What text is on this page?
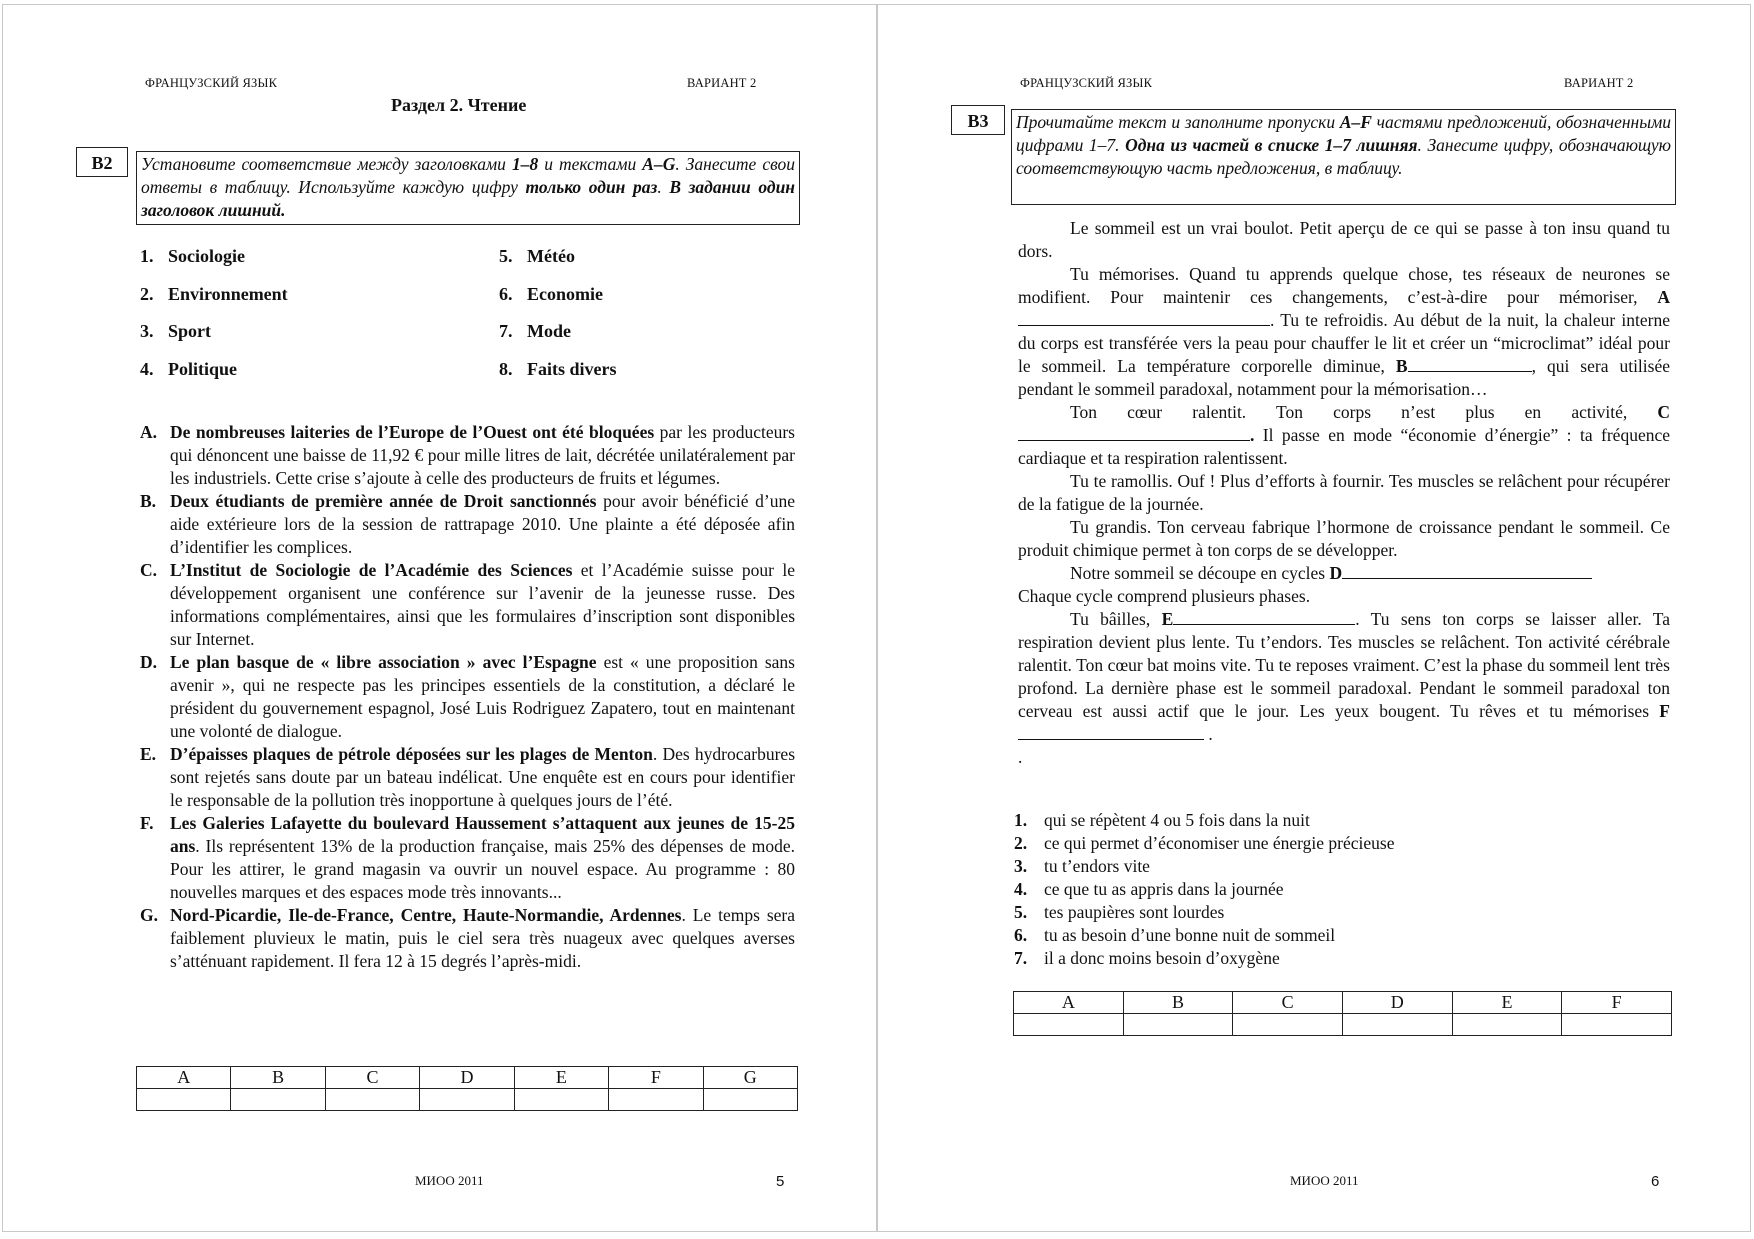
ФРАНЦУЗСКИЙ ЯЗЫК	ВАРИАНТ 2
Раздел 2. Чтение
B2	Установите соответствие между заголовками 1–8 и текстами A–G. Занесите свои ответы в таблицу. Используйте каждую цифру только один раз. В задании один заголовок лишний.
1. Sociologie
2. Environnement
3. Sport
4. Politique
5. Météo
6. Economie
7. Mode
8. Faits divers

A. De nombreuses laiteries de l’Europe de l’Ouest ont été bloquées par les producteurs qui dénoncent une baisse de 11,92 € pour mille litres de lait, décrétée unilatéralement par les industriels. Cette crise s’ajoute à celle des producteurs de fruits et légumes.

B. Deux étudiants de première année de Droit sanctionnés pour avoir bénéficié d’une aide extérieure lors de la session de rattrapage 2010. Une plainte a été déposée afin d’identifier les complices.

C. L’Institut de Sociologie de l’Académie des Sciences et l’Académie suisse pour le développement organisent une conférence sur l’avenir de la jeunesse russe. Des informations complémentaires, ainsi que les formulaires d’inscription sont disponibles sur Internet.

D. Le plan basque de « libre association » avec l’Espagne est « une proposition sans avenir », qui ne respecte pas les principes essentiels de la constitution, a déclaré le président du gouvernement espagnol, José Luis Rodriguez Zapatero, tout en maintenant une volonté de dialogue.

E. D’épaisses plaques de pétrole déposées sur les plages de Menton. Des hydrocarbures sont rejetés sans doute par un bateau indélicat. Une enquête est en cours pour identifier le responsable de la pollution très inopportune à quelques jours de l’été.

F. Les Galeries Lafayette du boulevard Haussement s’attaquent aux jeunes de 15-25 ans. Ils représentent 13% de la production française, mais 25% des dépenses de mode. Pour les attirer, le grand magasin va ouvrir un nouvel espace. Au programme : 80 nouvelles marques et des espaces mode très innovants...

G. Nord-Picardie, Ile-de-France, Centre, Haute-Normandie, Ardennes. Le temps sera faiblement pluvieux le matin, puis le ciel sera très nuageux avec quelques averses s’atténuant rapidement. Il fera 12 à 15 degrés l’après-midi.

A	B	C	D	E	F	G

МИОО 2011	5
ФРАНЦУЗСКИЙ ЯЗЫК	ВАРИАНТ 2
B3	Прочитайте текст и заполните пропуски A–F частями предложений, обозначенными цифрами 1–7. Одна из частей в списке 1–7 лишняя. Занесите цифру, обозначающую соответствующую часть предложения, в таблицу.

Le sommeil est un vrai boulot. Petit aperçu de ce qui se passe à ton insu quand tu dors.

Tu mémorises. Quand tu apprends quelque chose, tes réseaux de neurones se modifient. Pour maintenir ces changements, c’est-à-dire pour mémoriser, A. Tu te refroidis. Au début de la nuit, la chaleur interne du corps est transférée vers la peau pour chauffer le lit et créer un “microclimat” idéal pour le sommeil. La température corporelle diminue, B	, qui sera utilisée pendant le sommeil paradoxal, notamment pour la mémorisation…

Ton cœur ralentit. Ton corps n’est plus en activité, C. Il passe en mode “économie d’énergie” : ta fréquence cardiaque et ta respiration ralentissent.

Tu te ramollis. Ouf ! Plus d’efforts à fournir. Tes muscles se relâchent pour récupérer de la fatigue de la journée.

Tu grandis. Ton cerveau fabrique l’hormone de croissance pendant le sommeil. Ce produit chimique permet à ton corps de se développer.

Notre sommeil se découpe en cycles D

Chaque cycle comprend plusieurs phases.

Tu bâilles, E	. Tu sens ton corps se laisser aller. Ta respiration devient plus lente. Tu t’endors. Tes muscles se relâchent. Ton activité cérébrale ralentit. Ton cœur bat moins vite. Tu te reposes vraiment. C’est la phase du sommeil lent très profond. La dernière phase est le sommeil paradoxal. Pendant le sommeil paradoxal ton cerveau est aussi actif que le jour. Les yeux bougent. Tu rêves et tu mémorises F .

.

1. qui se répètent 4 ou 5 fois dans la nuit
2. ce qui permet d’économiser une énergie précieuse
3. tu t’endors vite
4. ce que tu as appris dans la journée
5. tes paupières sont lourdes
6. tu as besoin d’une bonne nuit de sommeil
7. il a donc moins besoin d’oxygène
A	B	C	D	E	F

МИОО 2011	6
